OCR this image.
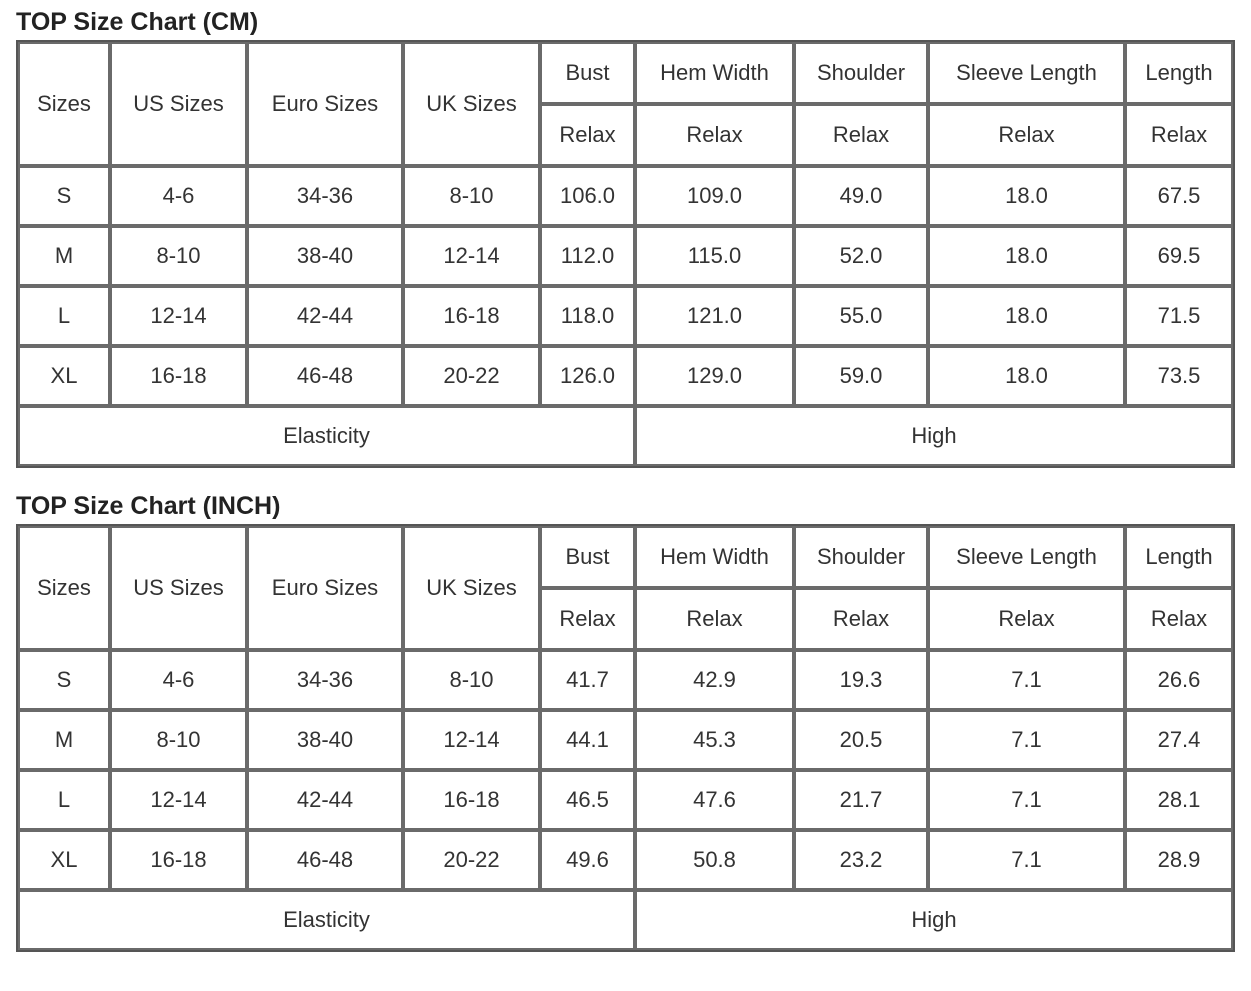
TOP Size Chart (CM)
Sizes	US Sizes	Euro Sizes	UK Sizes	Bust	Hem Width	Shoulder	Sleeve Length	Length
				Relax	Relax	Relax	Relax	Relax
S	4-6	34-36	8-10	106.0	109.0	49.0	18.0	67.5
M	8-10	38-40	12-14	112.0	115.0	52.0	18.0	69.5
L	12-14	42-44	16-18	118.0	121.0	55.0	18.0	71.5
XL	16-18	46-48	20-22	126.0	129.0	59.0	18.0	73.5
Elasticity					High			
TOP Size Chart (INCH)
Sizes	US Sizes	Euro Sizes	UK Sizes	Bust	Hem Width	Shoulder	Sleeve Length	Length
				Relax	Relax	Relax	Relax	Relax
S	4-6	34-36	8-10	41.7	42.9	19.3	7.1	26.6
M	8-10	38-40	12-14	44.1	45.3	20.5	7.1	27.4
L	12-14	42-44	16-18	46.5	47.6	21.7	7.1	28.1
XL	16-18	46-48	20-22	49.6	50.8	23.2	7.1	28.9
Elasticity					High			
